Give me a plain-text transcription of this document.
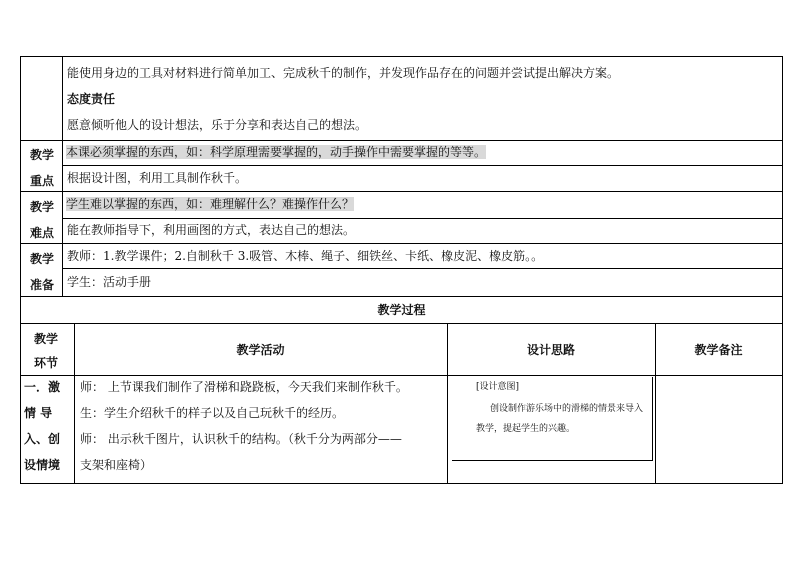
能使用身边的工具对材料进行简单加工、完成秋千的制作，并发现作品存在的问题并尝试提出解决方案。
态度责任
愿意倾听他人的设计想法，乐于分享和表达自己的想法。
教学
重点
本课必须掌握的东西，如：科学原理需要掌握的，动手操作中需要掌握的等等。
根据设计图，利用工具制作秋千。
教学
难点
学生难以掌握的东西，如：难理解什么？难操作什么？
能在教师指导下，利用画图的方式，表达自己的想法。
教学
准备
教师：1.教学课件；2.自制秋千 3.吸管、木棒、绳子、细铁丝、卡纸、橡皮泥、橡皮筋。。
学生：活动手册
教学过程
教学
环节
教学活动	设计思路	教学备注
一．激
情 导
入、创
设情境
师： 上节课我们制作了滑梯和跷跷板，今天我们来制作秋千。
生：学生介绍秋千的样子以及自己玩秋千的经历。
师： 出示秋千图片，认识秋千的结构。（秋千分为两部分——
支架和座椅）
[设计意图]
创设制作游乐场中的滑梯的情景来导入
教学，提起学生的兴趣。
